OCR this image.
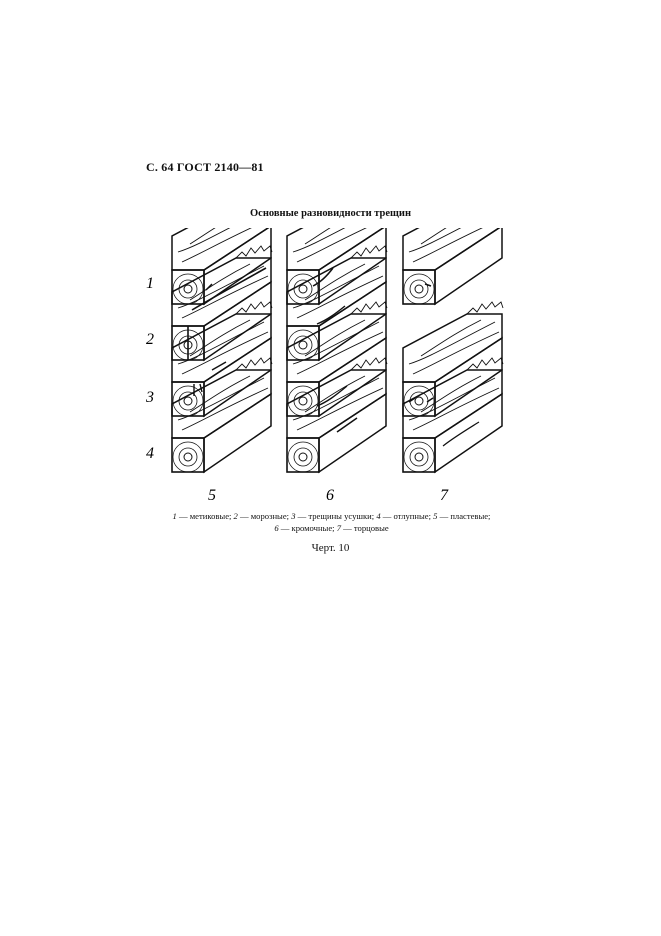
С. 64 ГОСТ 2140—81
Основные разновидности трещин
1
2
3
4
5	6	7
1 — метиковые; 2 — морозные; 3 — трещины усушки; 4 — отлупные; 5 — пластевые;
6 — кромочные; 7 — торцовые
Черт. 10
